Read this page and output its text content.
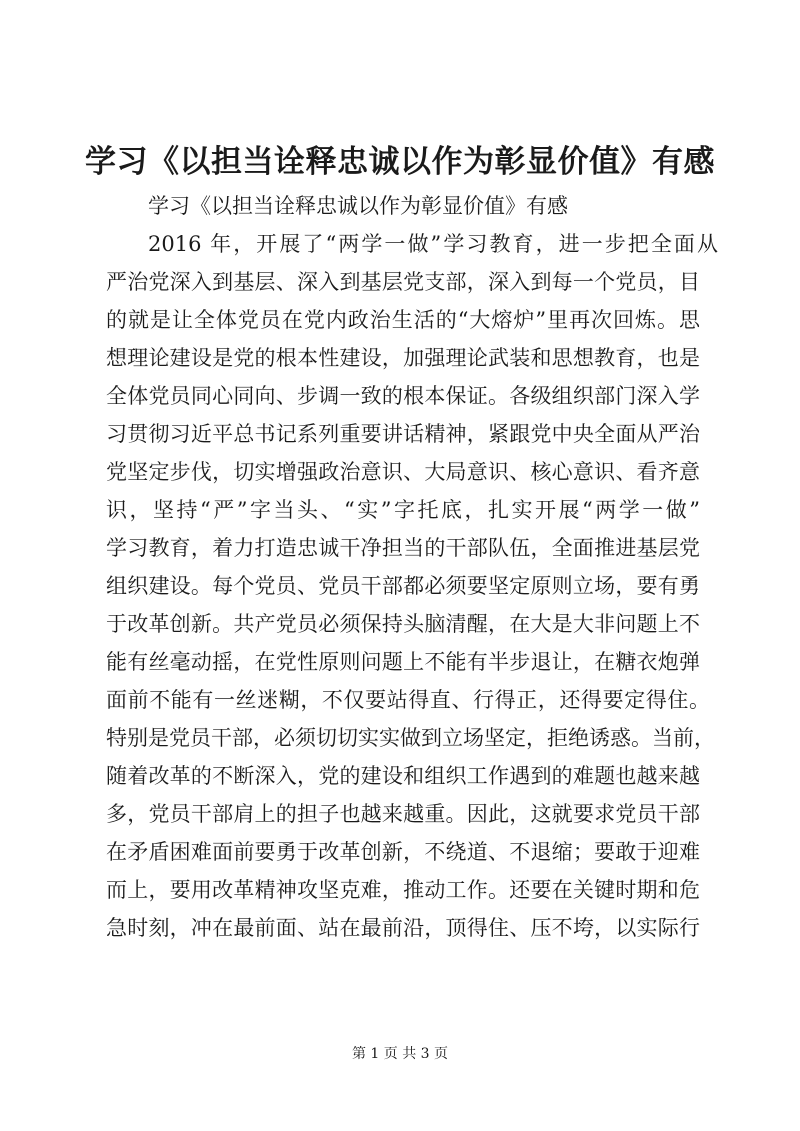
学习《以担当诠释忠诚以作为彰显价值》有感

学习《以担当诠释忠诚以作为彰显价值》有感

2016 年，开展了“两学一做”学习教育，进一步把全面从
严治党深入到基层、深入到基层党支部，深入到每一个党员，目
的就是让全体党员在党内政治生活的“大熔炉”里再次回炼。思
想理论建设是党的根本性建设，加强理论武装和思想教育，也是
全体党员同心同向、步调一致的根本保证。各级组织部门深入学
习贯彻习近平总书记系列重要讲话精神，紧跟党中央全面从严治
党坚定步伐，切实增强政治意识、大局意识、核心意识、看齐意
识，坚持“严”字当头、“实”字托底，扎实开展“两学一做”
学习教育，着力打造忠诚干净担当的干部队伍，全面推进基层党
组织建设。每个党员、党员干部都必须要坚定原则立场，要有勇
于改革创新。共产党员必须保持头脑清醒，在大是大非问题上不
能有丝毫动摇，在党性原则问题上不能有半步退让，在糖衣炮弹
面前不能有一丝迷糊，不仅要站得直、行得正，还得要定得住。
特别是党员干部，必须切切实实做到立场坚定，拒绝诱惑。当前，
随着改革的不断深入，党的建设和组织工作遇到的难题也越来越
多，党员干部肩上的担子也越来越重。因此，这就要求党员干部
在矛盾困难面前要勇于改革创新，不绕道、不退缩；要敢于迎难
而上，要用改革精神攻坚克难，推动工作。还要在关键时期和危
急时刻，冲在最前面、站在最前沿，顶得住、压不垮，以实际行

第 1 页 共 3 页
